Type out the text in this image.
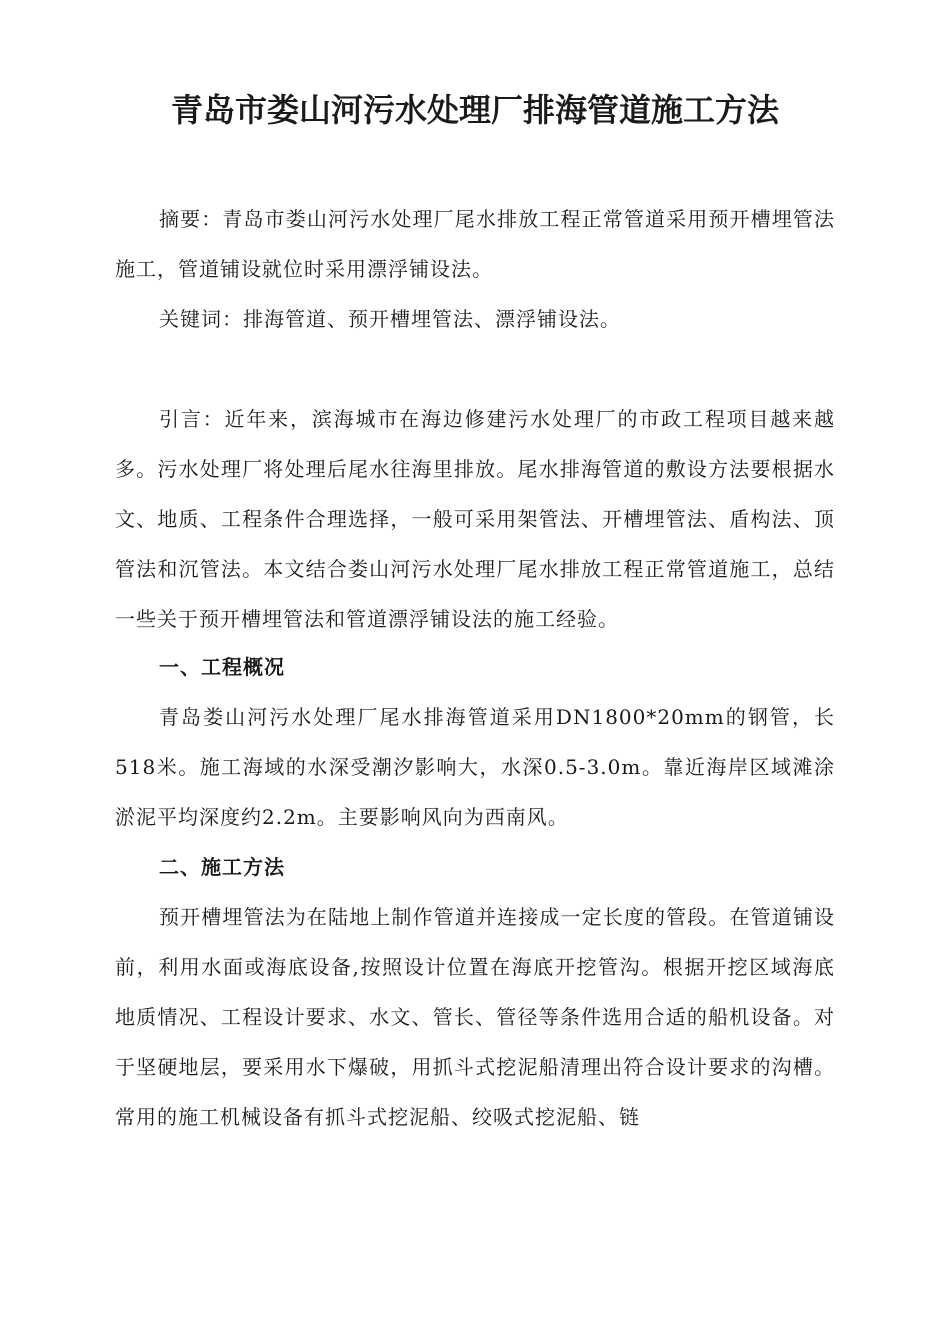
青岛市娄山河污水处理厂排海管道施工方法

摘要：青岛市娄山河污水处理厂尾水排放工程正常管道采用预开槽埋管法施工，管道铺设就位时采用漂浮铺设法。

关键词：排海管道、预开槽埋管法、漂浮铺设法。

引言：近年来，滨海城市在海边修建污水处理厂的市政工程项目越来越多。污水处理厂将处理后尾水往海里排放。尾水排海管道的敷设方法要根据水文、地质、工程条件合理选择，一般可采用架管法、开槽埋管法、盾构法、顶管法和沉管法。本文结合娄山河污水处理厂尾水排放工程正常管道施工，总结一些关于预开槽埋管法和管道漂浮铺设法的施工经验。

一、工程概况

青岛娄山河污水处理厂尾水排海管道采用DN1800*20mm的钢管，长518米。施工海域的水深受潮汐影响大，水深0.5-3.0m。靠近海岸区域滩涂淤泥平均深度约2.2m。主要影响风向为西南风。

二、施工方法

预开槽埋管法为在陆地上制作管道并连接成一定长度的管段。在管道铺设前，利用水面或海底设备,按照设计位置在海底开挖管沟。根据开挖区域海底地质情况、工程设计要求、水文、管长、管径等条件选用合适的船机设备。对于坚硬地层，要采用水下爆破，用抓斗式挖泥船清理出符合设计要求的沟槽。常用的施工机械设备有抓斗式挖泥船、绞吸式挖泥船、链
